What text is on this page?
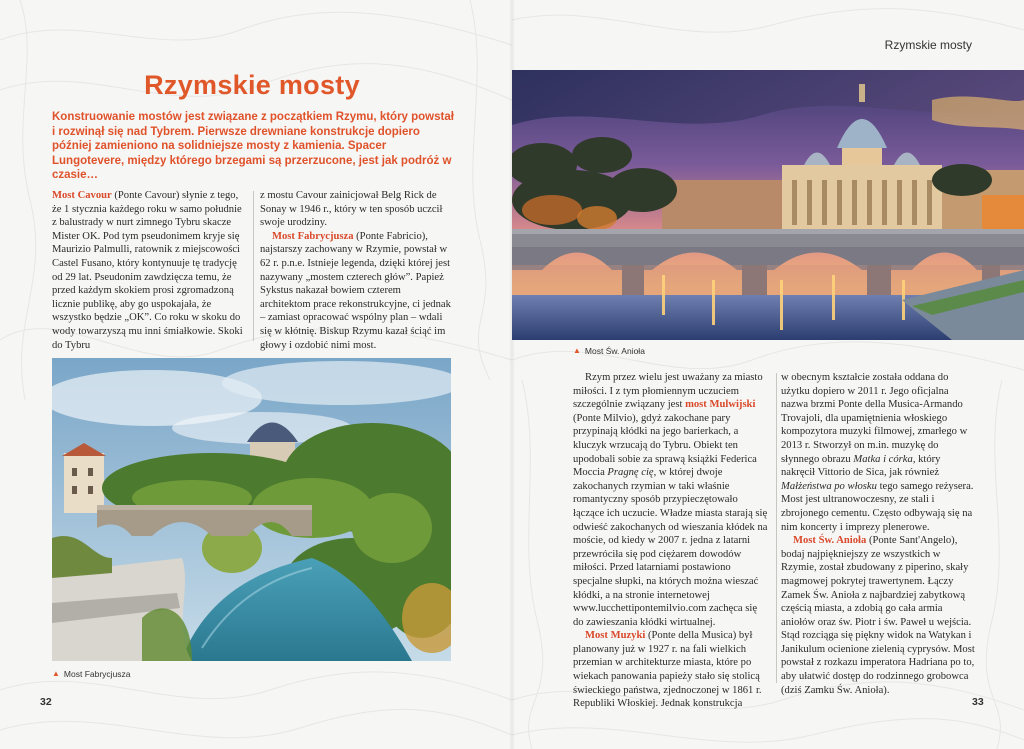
Rzymskie mosty
Rzymskie mosty

Konstruowanie mostów jest związane z początkiem Rzymu, który powstał i rozwinął się nad Tybrem. Pierwsze drewniane konstrukcje dopiero później zamieniono na solidniejsze mosty z kamienia. Spacer Lungotevere, między którego brzegami są przerzucone, jest jak podróż w czasie…

Most Cavour (Ponte Cavour) słynie z tego, że 1 stycznia każdego roku w samo południe z balustrady w nurt zimnego Tybru skacze Mister OK. Pod tym pseudonimem kryje się Maurizio Palmulli, ratownik z miejscowości Castel Fusano, który kontynuuje tę tradycję od 29 lat. Pseudonim zawdzięcza temu, że przed każdym skokiem prosi zgromadzoną licznie publikę, aby go uspokajała, że wszystko będzie „OK”. Co roku w skoku do wody towarzyszą mu inni śmiałkowie. Skoki do Tybru

z mostu Cavour zainicjował Belg Rick de Sonay w 1946 r., który w ten sposób uczcił swoje urodziny.

Most Fabrycjusza (Ponte Fabricio), najstarszy zachowany w Rzymie, powstał w 62 r. p.n.e. Istnieje legenda, dzięki której jest nazywany „mostem czterech głów”. Papież Sykstus nakazał bowiem czterem architektom prace rekonstrukcyjne, ci jednak – zamiast opracować wspólny plan – wdali się w kłótnię. Biskup Rzymu kazał ściąć im głowy i ozdobić nimi most.	▲ Most Św. Anioła
▲ Most Fabrycjusza

Rzym przez wielu jest uważany za miasto miłości. I z tym płomiennym uczuciem szczególnie związany jest most Mulwijski (Ponte Milvio), gdyż zakochane pary przypinają kłódki na jego barierkach, a kluczyk wrzucają do Tybru. Obiekt ten upodobali sobie za sprawą książki Federica Moccia Pragnę cię, w której dwoje zakochanych rzymian w taki właśnie romantyczny sposób przypieczętowało łączące ich uczucie. Władze miasta starają się odwieść zakochanych od wieszania kłódek na moście, od kiedy w 2007 r. jedna z latarni przewróciła się pod ciężarem dowodów miłości. Przed latarniami postawiono specjalne słupki, na których można wieszać kłódki, a na stronie internetowej www.lucchettipontemilvio.com zachęca się do zawieszania kłódki wirtualnej.

Most Muzyki (Ponte della Musica) był planowany już w 1927 r. na fali wielkich przemian w architekturze miasta, które po wiekach panowania papieży stało się stolicą świeckiego państwa, zjednoczonej w 1861 r. Republiki Włoskiej. Jednak konstrukcja

w obecnym kształcie została oddana do użytku dopiero w 2011 r. Jego oficjalna nazwa brzmi Ponte della Musica-Armando Trovajoli, dla upamiętnienia włoskiego kompozytora muzyki filmowej, zmarłego w 2013 r. Stworzył on m.in. muzykę do słynnego obrazu Matka i córka, który nakręcił Vittorio de Sica, jak również Małżeństwa po włosku tego samego reżysera. Most jest ultranowoczesny, ze stali i zbrojonego cementu. Często odbywają się na nim koncerty i imprezy plenerowe.

Most Św. Anioła (Ponte Sant'Angelo), bodaj najpiękniejszy ze wszystkich w Rzymie, został zbudowany z piperino, skały magmowej pokrytej trawertynem. Łączy Zamek Św. Anioła z najbardziej zabytkową częścią miasta, a zdobią go cała armia aniołów oraz św. Piotr i św. Paweł u wejścia. Stąd rozciąga się piękny widok na Watykan i Janikulum ocienione zielenią cyprysów. Most powstał z rozkazu imperatora Hadriana po to, aby ułatwić dostęp do rodzinnego grobowca (dziś Zamku Św. Anioła).

32	33
